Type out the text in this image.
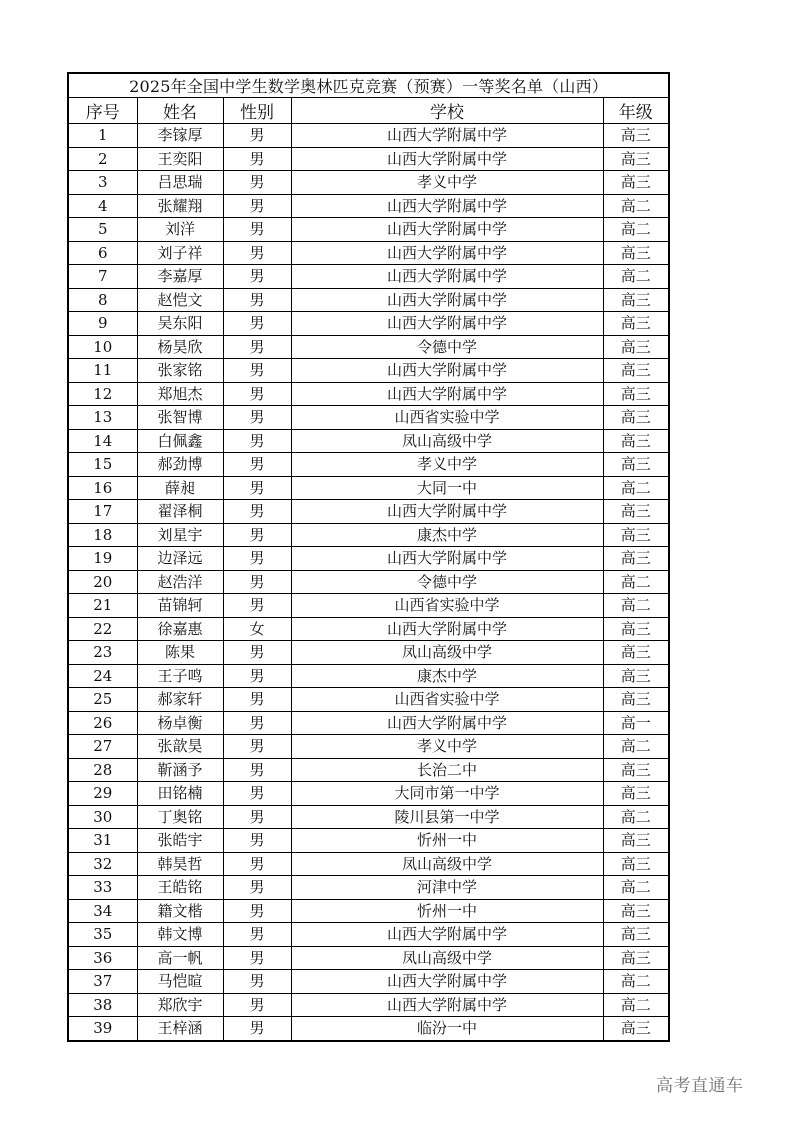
2025年全国中学生数学奥林匹克竞赛（预赛）一等奖名单（山西）				
序号	姓名	性别	学校	年级
1	李镓厚	男	山西大学附属中学	高三
2	王奕阳	男	山西大学附属中学	高三
3	吕思瑞	男	孝义中学	高三
4	张耀翔	男	山西大学附属中学	高二
5	刘洋	男	山西大学附属中学	高二
6	刘子祥	男	山西大学附属中学	高三
7	李嘉厚	男	山西大学附属中学	高二
8	赵恺文	男	山西大学附属中学	高三
9	吴东阳	男	山西大学附属中学	高三
10	杨昊欣	男	令德中学	高三
11	张家铭	男	山西大学附属中学	高三
12	郑旭杰	男	山西大学附属中学	高三
13	张智博	男	山西省实验中学	高三
14	白佩鑫	男	凤山高级中学	高三
15	郝劲博	男	孝义中学	高三
16	薛昶	男	大同一中	高二
17	翟泽桐	男	山西大学附属中学	高三
18	刘星宇	男	康杰中学	高三
19	边泽远	男	山西大学附属中学	高三
20	赵浩洋	男	令德中学	高二
21	苗锦轲	男	山西省实验中学	高二
22	徐嘉惠	女	山西大学附属中学	高三
23	陈果	男	凤山高级中学	高三
24	王子鸣	男	康杰中学	高三
25	郝家轩	男	山西省实验中学	高三
26	杨卓衡	男	山西大学附属中学	高一
27	张歆昊	男	孝义中学	高二
28	靳涵予	男	长治二中	高三
29	田铭楠	男	大同市第一中学	高三
30	丁奥铭	男	陵川县第一中学	高二
31	张皓宇	男	忻州一中	高三
32	韩昊哲	男	凤山高级中学	高三
33	王皓铭	男	河津中学	高二
34	籍文楷	男	忻州一中	高三
35	韩文博	男	山西大学附属中学	高三
36	高一帆	男	凤山高级中学	高三
37	马恺暄	男	山西大学附属中学	高二
38	郑欣宇	男	山西大学附属中学	高二
39	王梓涵	男	临汾一中	高三
高考直通车
